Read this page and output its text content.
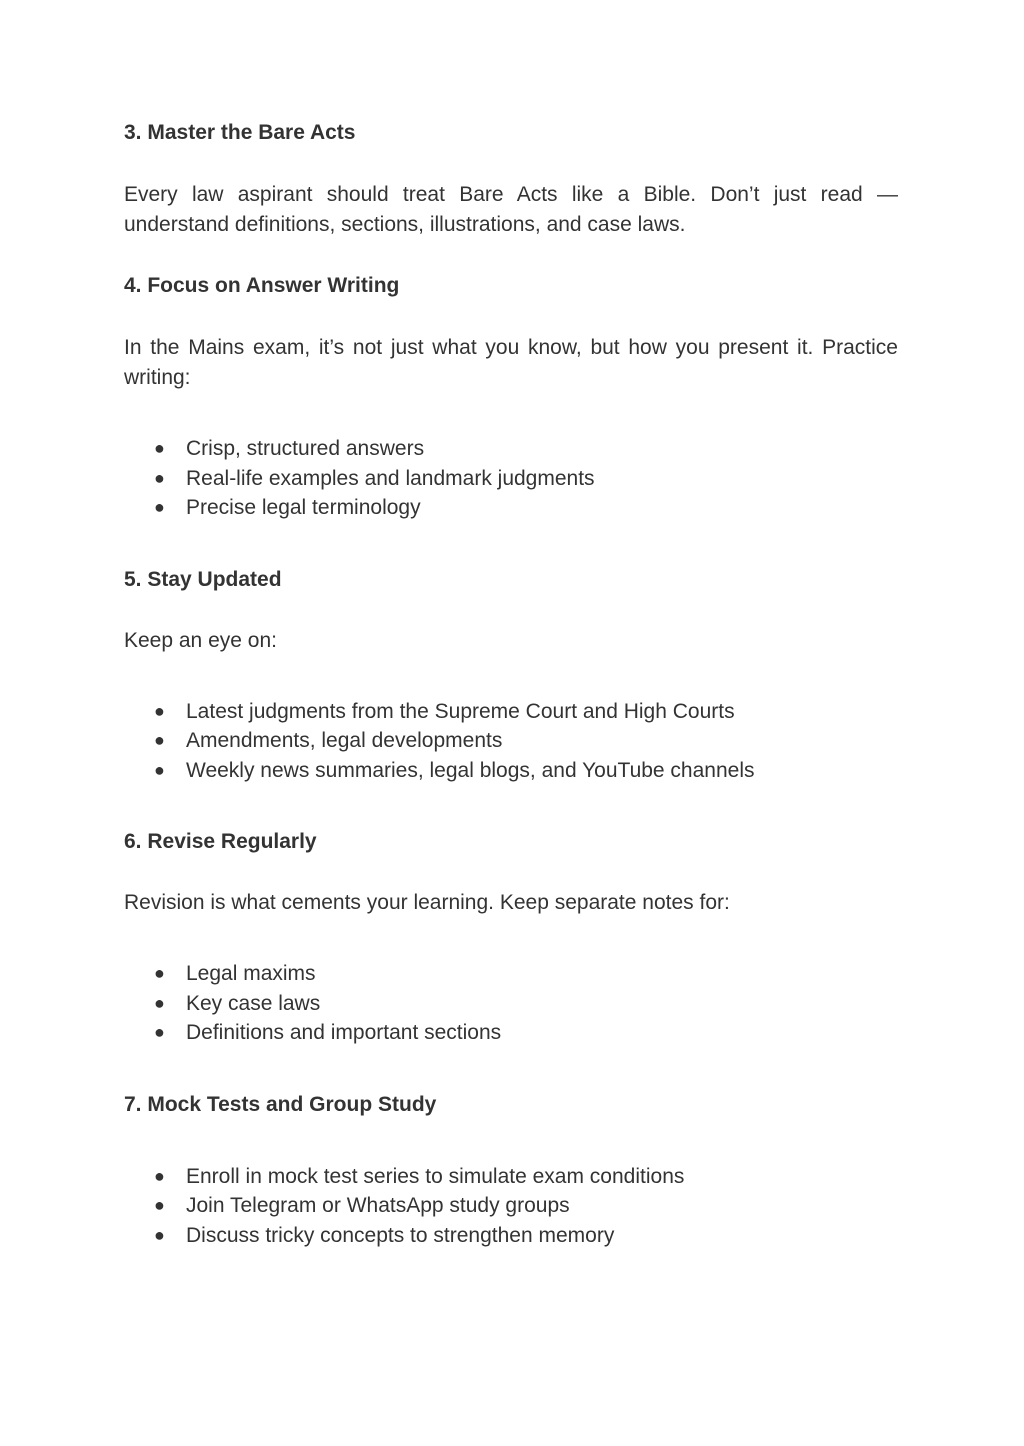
3. Master the Bare Acts

Every law aspirant should treat Bare Acts like a Bible. Don’t just read — understand definitions, sections, illustrations, and case laws.

4. Focus on Answer Writing

In the Mains exam, it’s not just what you know, but how you present it. Practice writing:

● Crisp, structured answers
● Real-life examples and landmark judgments
● Precise legal terminology
5. Stay Updated

Keep an eye on:

● Latest judgments from the Supreme Court and High Courts
● Amendments, legal developments
● Weekly news summaries, legal blogs, and YouTube channels
6. Revise Regularly

Revision is what cements your learning. Keep separate notes for:

● Legal maxims
● Key case laws
● Definitions and important sections
7. Mock Tests and Group Study
● Enroll in mock test series to simulate exam conditions
● Join Telegram or WhatsApp study groups
● Discuss tricky concepts to strengthen memory
